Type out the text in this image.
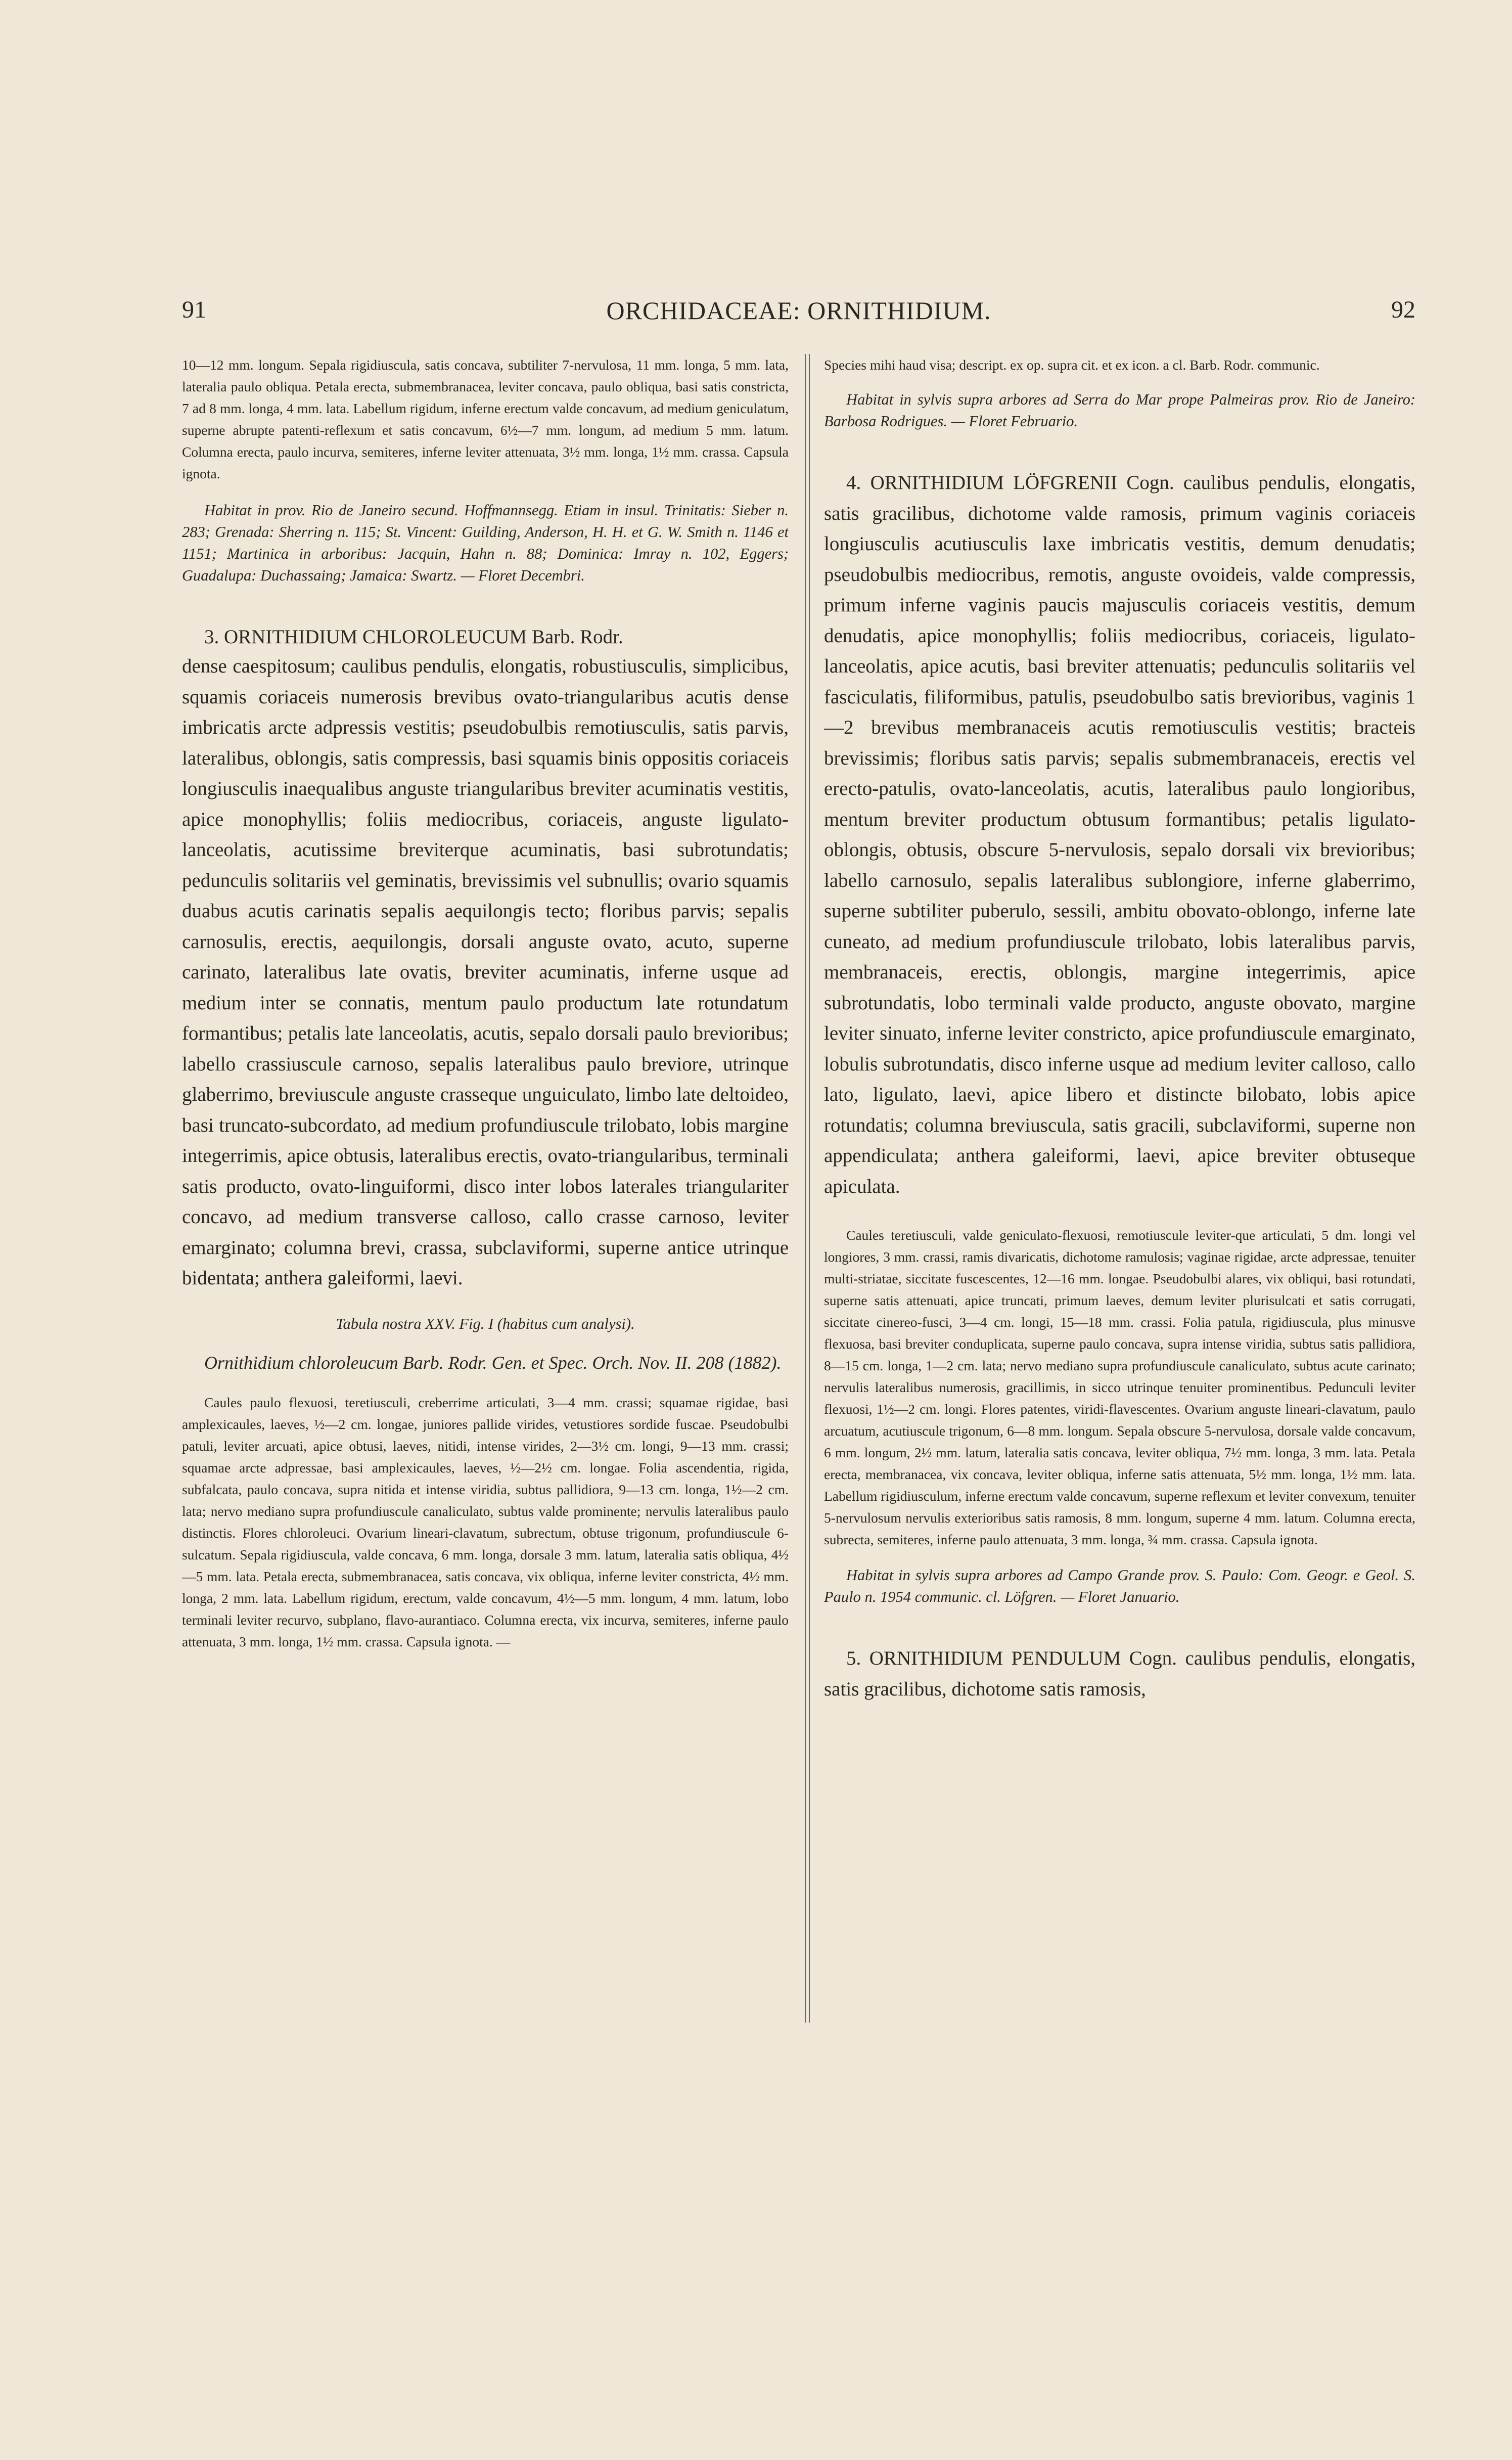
91	ORCHIDACEAE: ORNITHIDIUM.	92

10—12 mm. longum. Sepala rigidiuscula, satis concava, subtiliter 7-nervulosa, 11 mm. longa, 5 mm. lata, lateralia paulo obliqua. Petala erecta, submembranacea, leviter concava, paulo obliqua, basi satis constricta, 7 ad 8 mm. longa, 4 mm. lata. Labellum rigidum, inferne erectum valde concavum, ad medium geniculatum, superne abrupte patenti-reflexum et satis concavum, 6½—7 mm. longum, ad medium 5 mm. latum. Columna erecta, paulo incurva, semiteres, inferne leviter attenuata, 3½ mm. longa, 1½ mm. crassa. Capsula ignota.

Habitat in prov. Rio de Janeiro secund. Hoffmannsegg. Etiam in insul. Trinitatis: Sieber n. 283; Grenada: Sherring n. 115; St. Vincent: Guilding, Anderson, H. H. et G. W. Smith n. 1146 et 1151; Martinica in arboribus: Jacquin, Hahn n. 88; Dominica: Imray n. 102, Eggers; Guadalupa: Duchassaing; Jamaica: Swartz. — Floret Decembri.

3. ORNITHIDIUM CHLOROLEUCUM Barb. Rodr.

dense caespitosum; caulibus pendulis, elongatis, robustiusculis, simplicibus, squamis coriaceis numerosis brevibus ovato-triangularibus acutis dense imbricatis arcte adpressis vestitis; pseudobulbis remotiusculis, satis parvis, lateralibus, oblongis, satis compressis, basi squamis binis oppositis coriaceis longiusculis inaequalibus anguste triangularibus breviter acuminatis vestitis, apice monophyllis; foliis mediocribus, coriaceis, anguste ligulato-lanceolatis, acutissime breviterque acuminatis, basi subrotundatis; pedunculis solitariis vel geminatis, brevissimis vel subnullis; ovario squamis duabus acutis carinatis sepalis aequilongis tecto; floribus parvis; sepalis carnosulis, erectis, aequilongis, dorsali anguste ovato, acuto, superne carinato, lateralibus late ovatis, breviter acuminatis, inferne usque ad medium inter se connatis, mentum paulo productum late rotundatum formantibus; petalis late lanceolatis, acutis, sepalo dorsali paulo brevioribus; labello crassiuscule carnoso, sepalis lateralibus paulo breviore, utrinque glaberrimo, breviuscule anguste crasseque unguiculato, limbo late deltoideo, basi truncato-subcordato, ad medium profundiuscule trilobato, lobis margine integerrimis, apice obtusis, lateralibus erectis, ovato-triangularibus, terminali satis producto, ovato-linguiformi, disco inter lobos laterales triangulariter concavo, ad medium transverse calloso, callo crasse carnoso, leviter emarginato; columna brevi, crassa, subclaviformi, superne antice utrinque bidentata; anthera galeiformi, laevi.

Tabula nostra XXV. Fig. I (habitus cum analysi).

Ornithidium chloroleucum Barb. Rodr. Gen. et Spec. Orch. Nov. II. 208 (1882).

Caules paulo flexuosi, teretiusculi, creberrime articulati, 3—4 mm. crassi; squamae rigidae, basi amplexicaules, laeves, ½—2 cm. longae, juniores pallide virides, vetustiores sordide fuscae. Pseudobulbi patuli, leviter arcuati, apice obtusi, laeves, nitidi, intense virides, 2—3½ cm. longi, 9—13 mm. crassi; squamae arcte adpressae, basi amplexicaules, laeves, ½—2½ cm. longae. Folia ascendentia, rigida, subfalcata, paulo concava, supra nitida et intense viridia, subtus pallidiora, 9—13 cm. longa, 1½—2 cm. lata; nervo mediano supra profundiuscule canaliculato, subtus valde prominente; nervulis lateralibus paulo distinctis. Flores chloroleuci. Ovarium lineari-clavatum, subrectum, obtuse trigonum, profundiuscule 6-sulcatum. Sepala rigidiuscula, valde concava, 6 mm. longa, dorsale 3 mm. latum, lateralia satis obliqua, 4½—5 mm. lata. Petala erecta, submembranacea, satis concava, vix obliqua, inferne leviter constricta, 4½ mm. longa, 2 mm. lata. Labellum rigidum, erectum, valde concavum, 4½—5 mm. longum, 4 mm. latum, lobo terminali leviter recurvo, subplano, flavo-aurantiaco. Columna erecta, vix incurva, semiteres, inferne paulo attenuata, 3 mm. longa, 1½ mm. crassa. Capsula ignota. —

Species mihi haud visa; descript. ex op. supra cit. et ex icon. a cl. Barb. Rodr. communic.

Habitat in sylvis supra arbores ad Serra do Mar prope Palmeiras prov. Rio de Janeiro: Barbosa Rodrigues. — Floret Februario.

4. ORNITHIDIUM LÖFGRENII Cogn. caulibus pendulis, elongatis, satis gracilibus, dichotome valde ramosis, primum vaginis coriaceis longiusculis acutiusculis laxe imbricatis vestitis, demum denudatis; pseudobulbis mediocribus, remotis, anguste ovoideis, valde compressis, primum inferne vaginis paucis majusculis coriaceis vestitis, demum denudatis, apice monophyllis; foliis mediocribus, coriaceis, ligulato-lanceolatis, apice acutis, basi breviter attenuatis; pedunculis solitariis vel fasciculatis, filiformibus, patulis, pseudobulbo satis brevioribus, vaginis 1—2 brevibus membranaceis acutis remotiusculis vestitis; bracteis brevissimis; floribus satis parvis; sepalis submembranaceis, erectis vel erecto-patulis, ovato-lanceolatis, acutis, lateralibus paulo longioribus, mentum breviter productum obtusum formantibus; petalis ligulato-oblongis, obtusis, obscure 5-nervulosis, sepalo dorsali vix brevioribus; labello carnosulo, sepalis lateralibus sublongiore, inferne glaberrimo, superne subtiliter puberulo, sessili, ambitu obovato-oblongo, inferne late cuneato, ad medium profundiuscule trilobato, lobis lateralibus parvis, membranaceis, erectis, oblongis, margine integerrimis, apice subrotundatis, lobo terminali valde producto, anguste obovato, margine leviter sinuato, inferne leviter constricto, apice profundiuscule emarginato, lobulis subrotundatis, disco inferne usque ad medium leviter calloso, callo lato, ligulato, laevi, apice libero et distincte bilobato, lobis apice rotundatis; columna breviuscula, satis gracili, subclaviformi, superne non appendiculata; anthera galeiformi, laevi, apice breviter obtuseque apiculata.

Caules teretiusculi, valde geniculato-flexuosi, remotiuscule leviter-que articulati, 5 dm. longi vel longiores, 3 mm. crassi, ramis divaricatis, dichotome ramulosis; vaginae rigidae, arcte adpressae, tenuiter multi-striatae, siccitate fuscescentes, 12—16 mm. longae. Pseudobulbi alares, vix obliqui, basi rotundati, superne satis attenuati, apice truncati, primum laeves, demum leviter plurisulcati et satis corrugati, siccitate cinereo-fusci, 3—4 cm. longi, 15—18 mm. crassi. Folia patula, rigidiuscula, plus minusve flexuosa, basi breviter conduplicata, superne paulo concava, supra intense viridia, subtus satis pallidiora, 8—15 cm. longa, 1—2 cm. lata; nervo mediano supra profundiuscule canaliculato, subtus acute carinato; nervulis lateralibus numerosis, gracillimis, in sicco utrinque tenuiter prominentibus. Pedunculi leviter flexuosi, 1½—2 cm. longi. Flores patentes, viridi-flavescentes. Ovarium anguste lineari-clavatum, paulo arcuatum, acutiuscule trigonum, 6—8 mm. longum. Sepala obscure 5-nervulosa, dorsale valde concavum, 6 mm. longum, 2½ mm. latum, lateralia satis concava, leviter obliqua, 7½ mm. longa, 3 mm. lata. Petala erecta, membranacea, vix concava, leviter obliqua, inferne satis attenuata, 5½ mm. longa, 1½ mm. lata. Labellum rigidiusculum, inferne erectum valde concavum, superne reflexum et leviter convexum, tenuiter 5-nervulosum nervulis exterioribus satis ramosis, 8 mm. longum, superne 4 mm. latum. Columna erecta, subrecta, semiteres, inferne paulo attenuata, 3 mm. longa, ¾ mm. crassa. Capsula ignota.

Habitat in sylvis supra arbores ad Campo Grande prov. S. Paulo: Com. Geogr. e Geol. S. Paulo n. 1954 communic. cl. Löfgren. — Floret Januario.

5. ORNITHIDIUM PENDULUM Cogn. caulibus pendulis, elongatis, satis gracilibus, dichotome satis ramosis,
